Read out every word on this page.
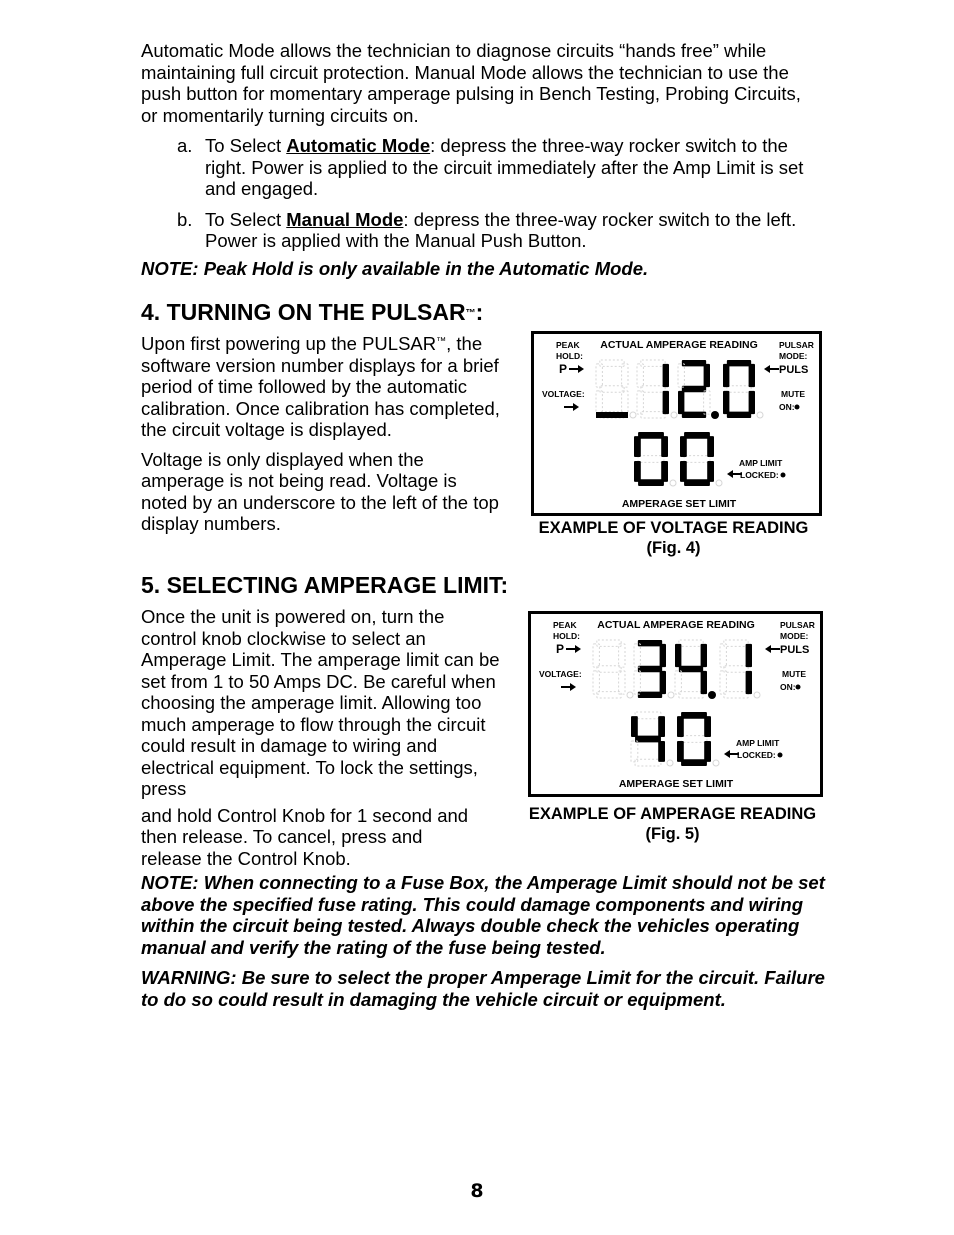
Automatic Mode allows the technician to diagnose circuits “hands free” while maintaining full circuit protection. Manual Mode allows the technician to use the push button for momentary amperage pulsing in Bench Testing, Probing Circuits, or momentarily turning circuits on.

a. To Select Automatic Mode: depress the three-way rocker switch to the right. Power is applied to the circuit immediately after the Amp Limit is set and engaged.

b. To Select Manual Mode: depress the three-way rocker switch to the left. Power is applied with the Manual Push Button.

NOTE: Peak Hold is only available in the Automatic Mode.

4. TURNING ON THE PULSAR™:

Upon first powering up the PULSAR™, the software version number displays for a brief period of time followed by the automatic calibration. Once calibration has completed, the circuit voltage is displayed.

Voltage is only displayed when the amperage is not being read. Voltage is noted by an underscore to the left of the top display numbers.

PEAK
HOLD:
P
VOLTAGE:
ACTUAL AMPERAGE READING PULSAR
MODE:
PULS
MUTE
ON:
AMP LIMIT
LOCKED:
AMPERAGE SET LIMIT
EXAMPLE OF VOLTAGE READING (Fig. 4)
5. SELECTING AMPERAGE LIMIT:

Once the unit is powered on, turn the control knob clockwise to select an Amperage Limit. The amperage limit can be set from 1 to 50 Amps DC. Be careful when choosing the amperage limit. Allowing too much amperage to flow through the circuit could result in damage to wiring and electrical equipment. To lock the settings, press

and hold Control Knob for 1 second and then release. To cancel, press and release the Control Knob.

PEAK
HOLD:
P
VOLTAGE:
ACTUAL AMPERAGE READING	PULSAR
MODE:
PULS
MUTE
ON:
AMP LIMIT
LOCKED:
AMPERAGE SET LIMIT
EXAMPLE OF AMPERAGE READING (Fig. 5)

NOTE: When connecting to a Fuse Box, the Amperage Limit should not be set above the specified fuse rating. This could damage components and wiring within the circuit being tested. Always double check the vehicles operating manual and verify the rating of the fuse being tested.

WARNING: Be sure to select the proper Amperage Limit for the circuit. Failure to do so could result in damaging the vehicle circuit or equipment.

8
